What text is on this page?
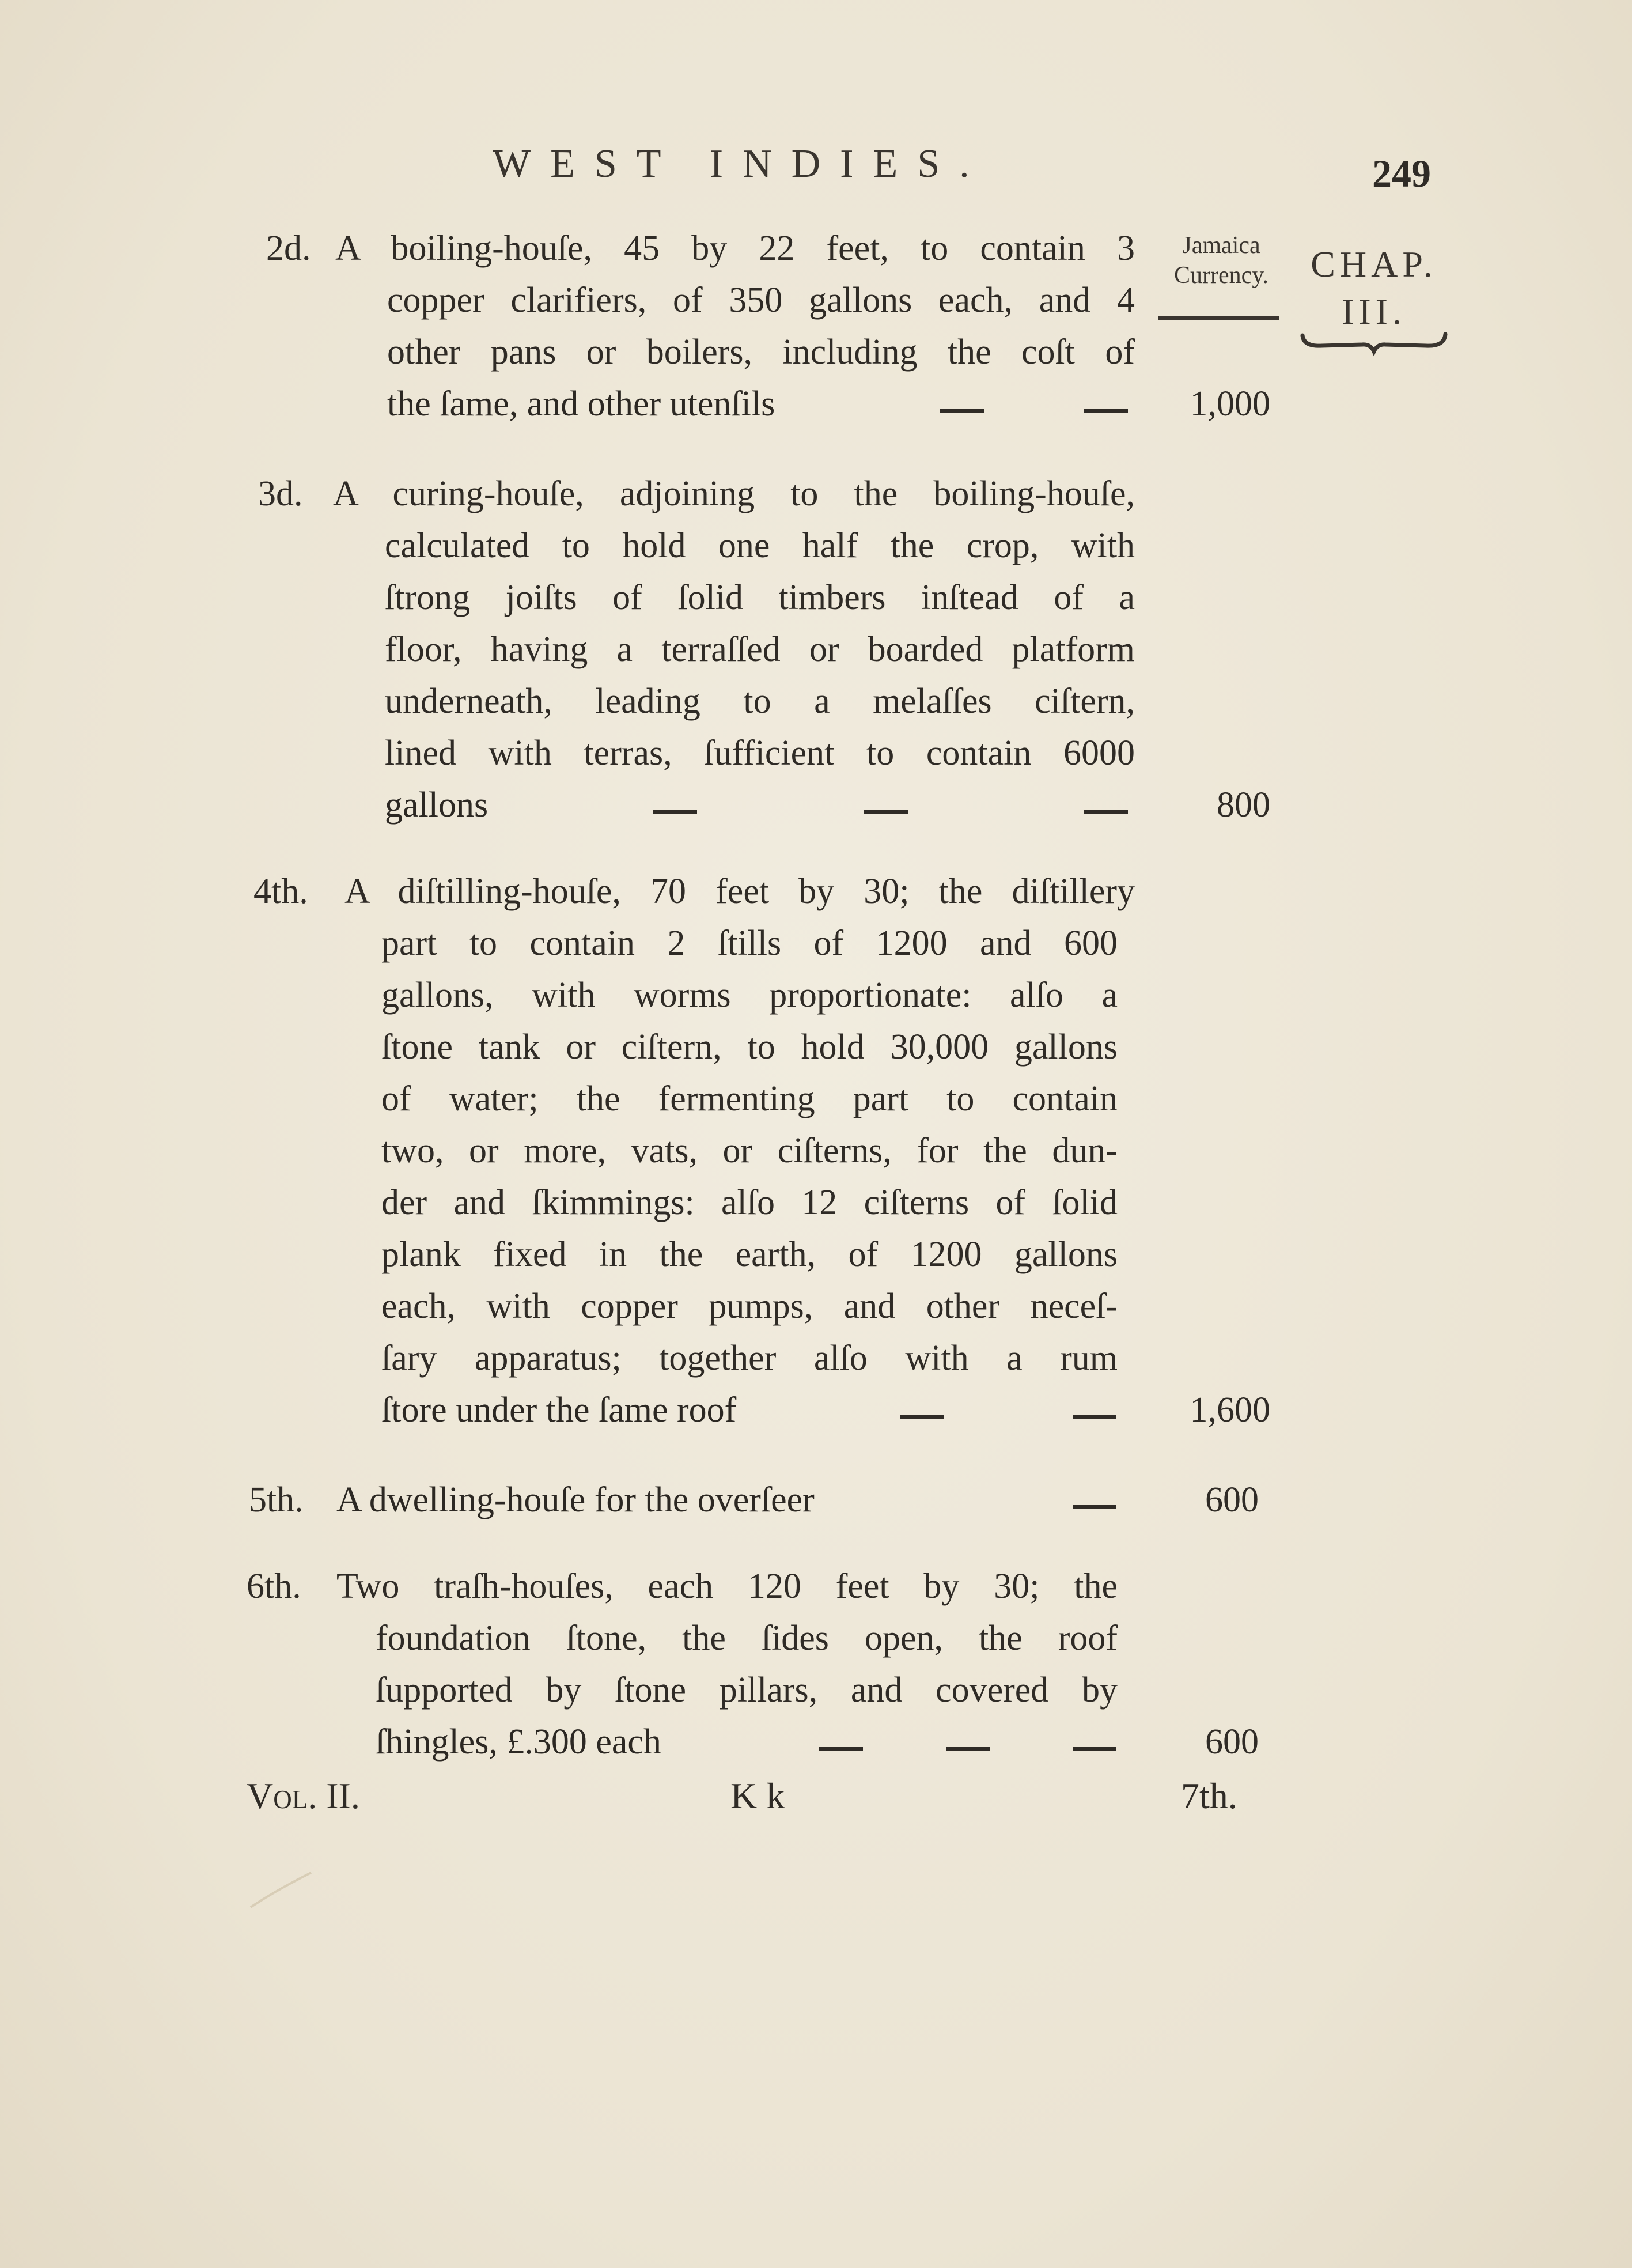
WEST INDIES.	249
Jamaica
Currency.	CHAP.
III.
2d. A boiling-houſe, 45 by 22 feet, to contain 3
copper clarifiers, of 350 gallons each, and 4
other pans or boilers, including the coſt of
the ſame, and other utenſils	1,000
3d. A curing-houſe, adjoining to the boiling-houſe,
calculated to hold one half the crop, with
ſtrong joiſts of ſolid timbers inſtead of a
floor, having a terraſſed or boarded platform
underneath, leading to a melaſſes ciſtern,
lined with terras, ſufficient to contain 6000
gallons	800
4th. A diſtilling-houſe, 70 feet by 30; the diſtillery
part to contain 2 ſtills of 1200 and 600
gallons, with worms proportionate: alſo a
ſtone tank or ciſtern, to hold 30,000 gallons
of water; the fermenting part to contain
two, or more, vats, or ciſterns, for the dun-
der and ſkimmings: alſo 12 ciſterns of ſolid
plank fixed in the earth, of 1200 gallons
each, with copper pumps, and other neceſ-
ſary apparatus; together alſo with a rum
ſtore under the ſame roof	1,600
5th. A dwelling-houſe for the overſeer	600
6th. Two traſh-houſes, each 120 feet by 30; the
foundation ſtone, the ſides open, the roof
ſupported by ſtone pillars, and covered by
ſhingles, £.300 each	600
Vol. II.	K k	7th.
